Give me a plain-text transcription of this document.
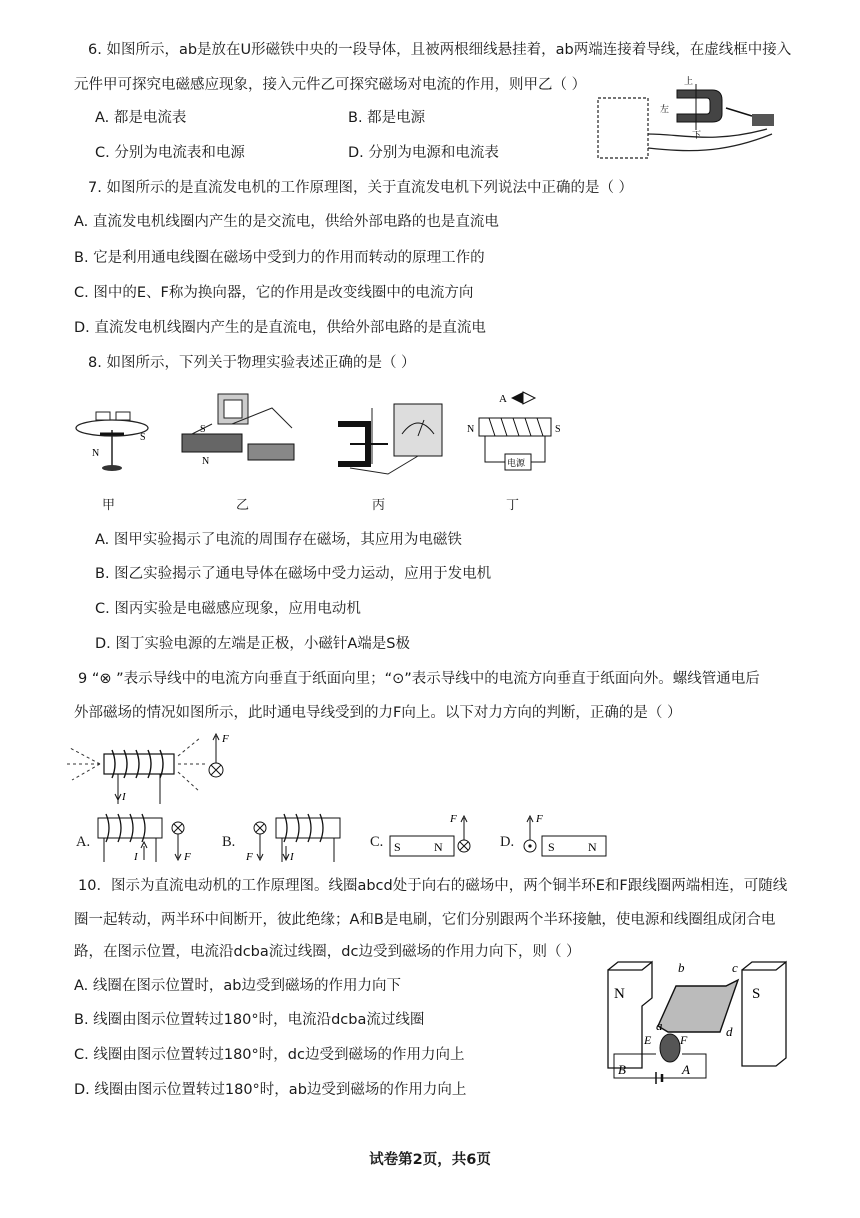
6. 如图所示，ab是放在U形磁铁中央的一段导体，且被两根细线悬挂着，ab两端连接着导线，在虚线框中接入
元件甲可探究电磁感应现象，接入元件乙可探究磁场对电流的作用，则甲乙（ ）
A. 都是电流表	B. 都是电源
C. 分别为电流表和电源	D. 分别为电源和电流表
上
左
下
7. 如图所示的是直流发电机的工作原理图，关于直流发电机下列说法中正确的是（ ）
A. 直流发电机线圈内产生的是交流电，供给外部电路的也是直流电
B. 它是利用通电线圈在磁场中受到力的作用而转动的原理工作的
C. 图中的E、F称为换向器，它的作用是改变线圈中的电流方向
D. 直流发电机线圈内产生的是直流电，供给外部电路的是直流电
8. 如图所示，下列关于物理实验表述正确的是（ ）
N
S
S
N
A
N	S
电源
甲	乙	丙	丁
A. 图甲实验揭示了电流的周围存在磁场，其应用为电磁铁
B. 图乙实验揭示了通电导体在磁场中受力运动，应用于发电机
C. 图丙实验是电磁感应现象，应用电动机
D. 图丁实验电源的左端是正极，小磁针A端是S极
9 “⊗ ”表示导线中的电流方向垂直于纸面向里；“⊙”表示导线中的电流方向垂直于纸面向外。螺线管通电后
外部磁场的情况如图所示，此时通电导线受到的力F向上。以下对力方向的判断，正确的是（ ）
I
F
A.
I	F
B.
F	I
C. S	N
F
D.
F
S	N
10．图示为直流电动机的工作原理图。线圈abcd处于向右的磁场中，两个铜半环E和F跟线圈两端相连，可随线
圈一起转动，两半环中间断开，彼此绝缘；A和B是电刷，它们分别跟两个半环接触，使电源和线圈组成闭合电
路，在图示位置，电流沿dcba流过线圈，dc边受到磁场的作用力向下，则（ ）
A. 线圈在图示位置时，ab边受到磁场的作用力向下
B. 线圈由图示位置转过180°时，电流沿dcba流过线圈
C. 线圈由图示位置转过180°时，dc边受到磁场的作用力向上
D. 线圈由图示位置转过180°时，ab边受到磁场的作用力向上
N	S
a
b	c
d
E F
B	A
试卷第2页，共6页
